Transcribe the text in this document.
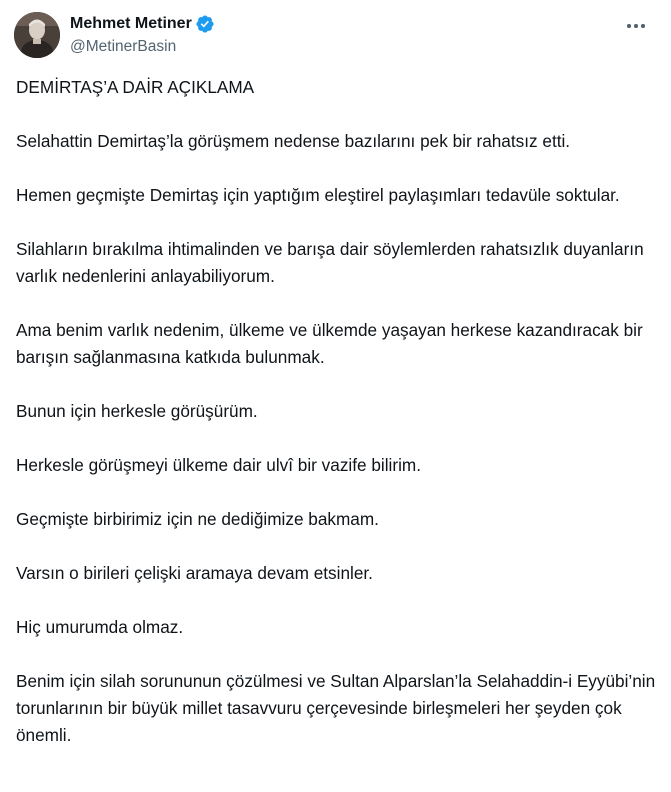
Mehmet Metiner
@MetinerBasin

DEMİRTAŞ’A DAİR AÇIKLAMA

Selahattin Demirtaş’la görüşmem nedense bazılarını pek bir rahatsız etti.

Hemen geçmişte Demirtaş için yaptığım eleştirel paylaşımları tedavüle soktular.

Silahların bırakılma ihtimalinden ve barışa dair söylemlerden rahatsızlık duyanların varlık nedenlerini anlayabiliyorum.

Ama benim varlık nedenim, ülkeme ve ülkemde yaşayan herkese kazandıracak bir barışın sağlanmasına katkıda bulunmak.

Bunun için herkesle görüşürüm.

Herkesle görüşmeyi ülkeme dair ulvî bir vazife bilirim.

Geçmişte birbirimiz için ne dediğimize bakmam.

Varsın o birileri çelişki aramaya devam etsinler.

Hiç umurumda olmaz.

Benim için silah sorununun çözülmesi ve Sultan Alparslan’la Selahaddin-i Eyyübi’nin torunlarının bir büyük millet tasavvuru çerçevesinde birleşmeleri her şeyden çok önemli.
